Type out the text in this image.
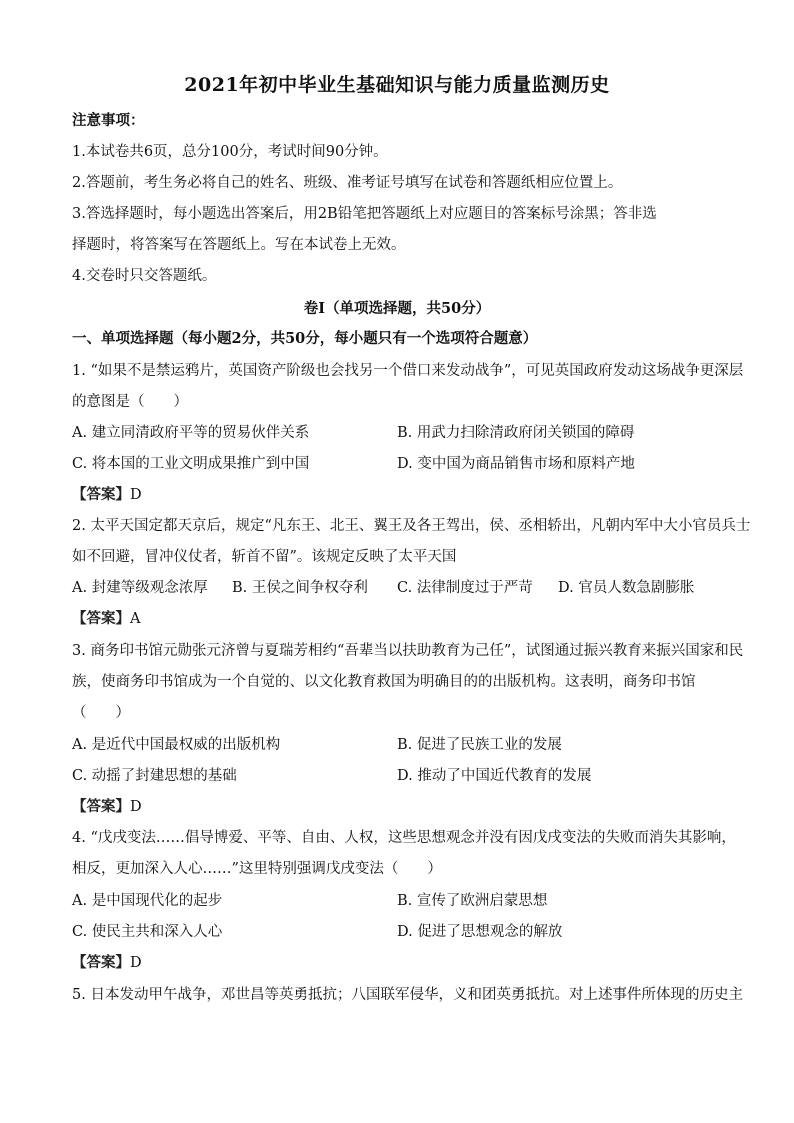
2021年初中毕业生基础知识与能力质量监测历史
注意事项：
1.本试卷共6页，总分100分，考试时间90分钟。
2.答题前，考生务必将自己的姓名、班级、准考证号填写在试卷和答题纸相应位置上。
3.答选择题时，每小题选出答案后，用2B铅笔把答题纸上对应题目的答案标号涂黑；答非选
择题时，将答案写在答题纸上。写在本试卷上无效。
4.交卷时只交答题纸。
卷Ⅰ（单项选择题，共50分）
一、单项选择题（每小题2分，共50分，每小题只有一个选项符合题意）
1. “如果不是禁运鸦片，英国资产阶级也会找另一个借口来发动战争”，可见英国政府发动这场战争更深层
的意图是（　　）
A. 建立同清政府平等的贸易伙伴关系	B. 用武力扫除清政府闭关锁国的障碍
C. 将本国的工业文明成果推广到中国	D. 变中国为商品销售市场和原料产地
【答案】D
2. 太平天国定都天京后，规定“凡东王、北王、翼王及各王驾出，侯、丞相轿出，凡朝内军中大小官员兵士
如不回避，冒冲仪仗者，斩首不留”。该规定反映了太平天国
A. 封建等级观念浓厚 B. 王侯之间争权夺利 C. 法律制度过于严苛 D. 官员人数急剧膨胀
【答案】A
3. 商务印书馆元勋张元济曾与夏瑞芳相约“吾辈当以扶助教育为己任”，试图通过振兴教育来振兴国家和民
族，使商务印书馆成为一个自觉的、以文化教育救国为明确目的的出版机构。这表明，商务印书馆
（　　）
A. 是近代中国最权威的出版机构	B. 促进了民族工业的发展
C. 动摇了封建思想的基础	D. 推动了中国近代教育的发展
【答案】D
4. “戊戌变法……倡导博爱、平等、自由、人权，这些思想观念并没有因戊戌变法的失败而消失其影响，
相反，更加深入人心……”这里特别强调戊戌变法（　　）
A. 是中国现代化的起步	B. 宣传了欧洲启蒙思想
C. 使民主共和深入人心	D. 促进了思想观念的解放
【答案】D
5. 日本发动甲午战争，邓世昌等英勇抵抗；八国联军侵华，义和团英勇抵抗。对上述事件所体现的历史主
